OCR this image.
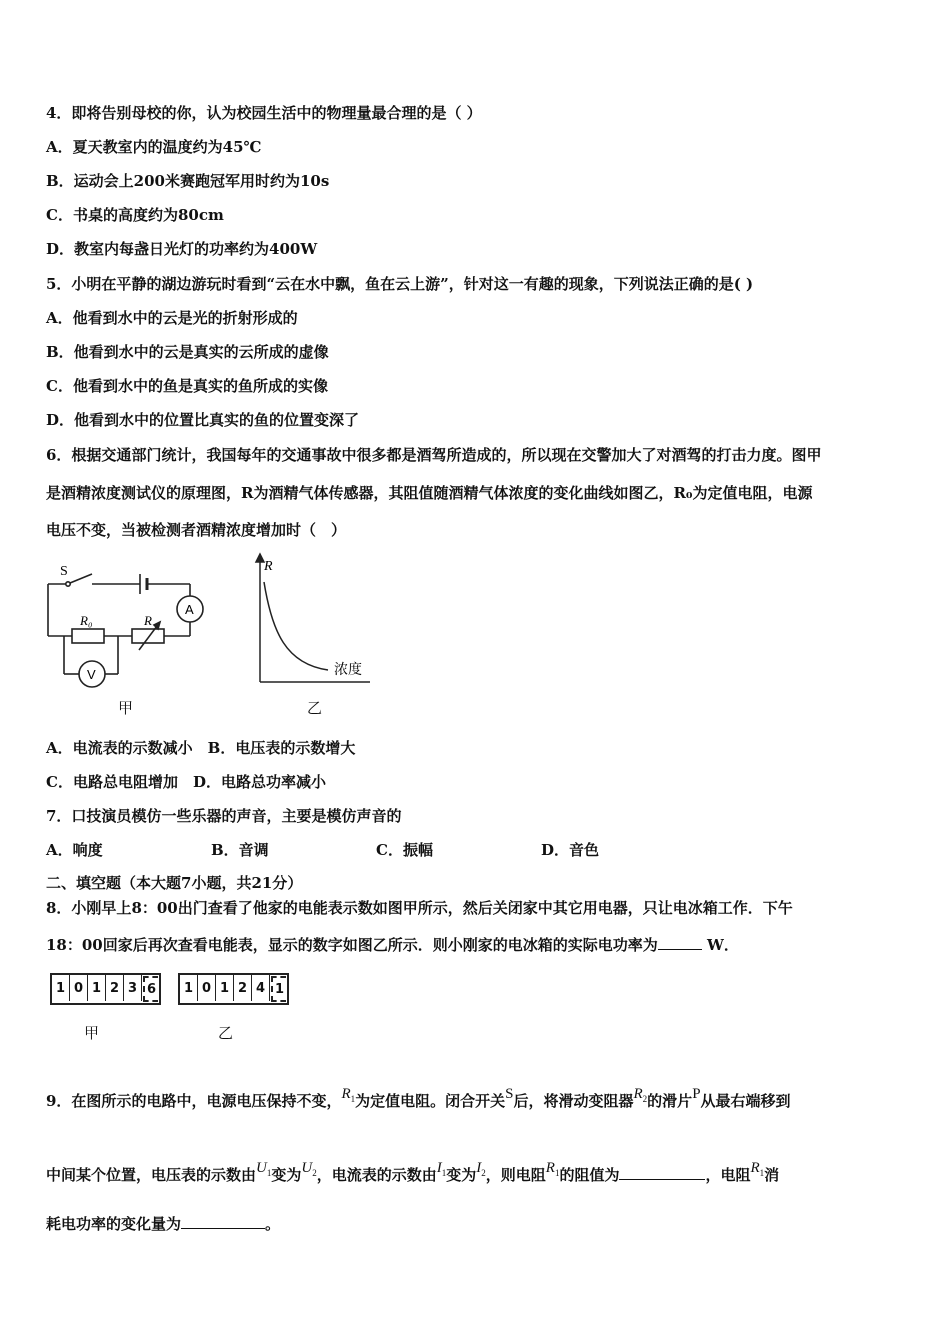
4．即将告别母校的你，认为校园生活中的物理量最合理的是（ ）
A．夏天教室内的温度约为45℃
B．运动会上200米赛跑冠军用时约为10s
C．书桌的高度约为80cm
D．教室内每盏日光灯的功率约为400W
5．小明在平静的湖边游玩时看到“云在水中飘，鱼在云上游”，针对这一有趣的现象，下列说法正确的是( )
A．他看到水中的云是光的折射形成的
B．他看到水中的云是真实的云所成的虚像
C．他看到水中的鱼是真实的鱼所成的实像
D．他看到水中的位置比真实的鱼的位置变深了
6．根据交通部门统计，我国每年的交通事故中很多都是酒驾所造成的，所以现在交警加大了对酒驾的打击力度。图甲
是酒精浓度测试仪的原理图，R为酒精气体传感器，其阻值随酒精气体浓度的变化曲线如图乙，R₀为定值电阻，电源
电压不变，当被检测者酒精浓度增加时（　）
S
R₀	R
A
V
甲
R
浓度
乙
A．电流表的示数减小　 B．电压表的示数增大
C．电路总电阻增加　 D．电路总功率减小
7．口技演员模仿一些乐器的声音，主要是模仿声音的
A．响度	B．音调	C．振幅	D．音色
二、填空题（本大题7小题，共21分）
8．小刚早上8：00出门查看了他家的电能表示数如图甲所示，然后关闭家中其它用电器，只让电冰箱工作．下午
18：00回家后再次查看电能表，显示的数字如图乙所示．则小刚家的电冰箱的实际电功率为	W．
1 0 1 2 3 6	1 0 1 2 4 1
甲	乙
9．在图所示的电路中，电源电压保持不变，$R_1$为定值电阻。闭合开关S后，将滑动变阻器$R_2$的滑片P从最右端移到
中间某个位置，电压表的示数由$U_1$变为$U_2$，电流表的示数由$I_1$变为$I_2$，则电阻$R_1$的阻值为	，电阻$R_1$消
耗电功率的变化量为	。
